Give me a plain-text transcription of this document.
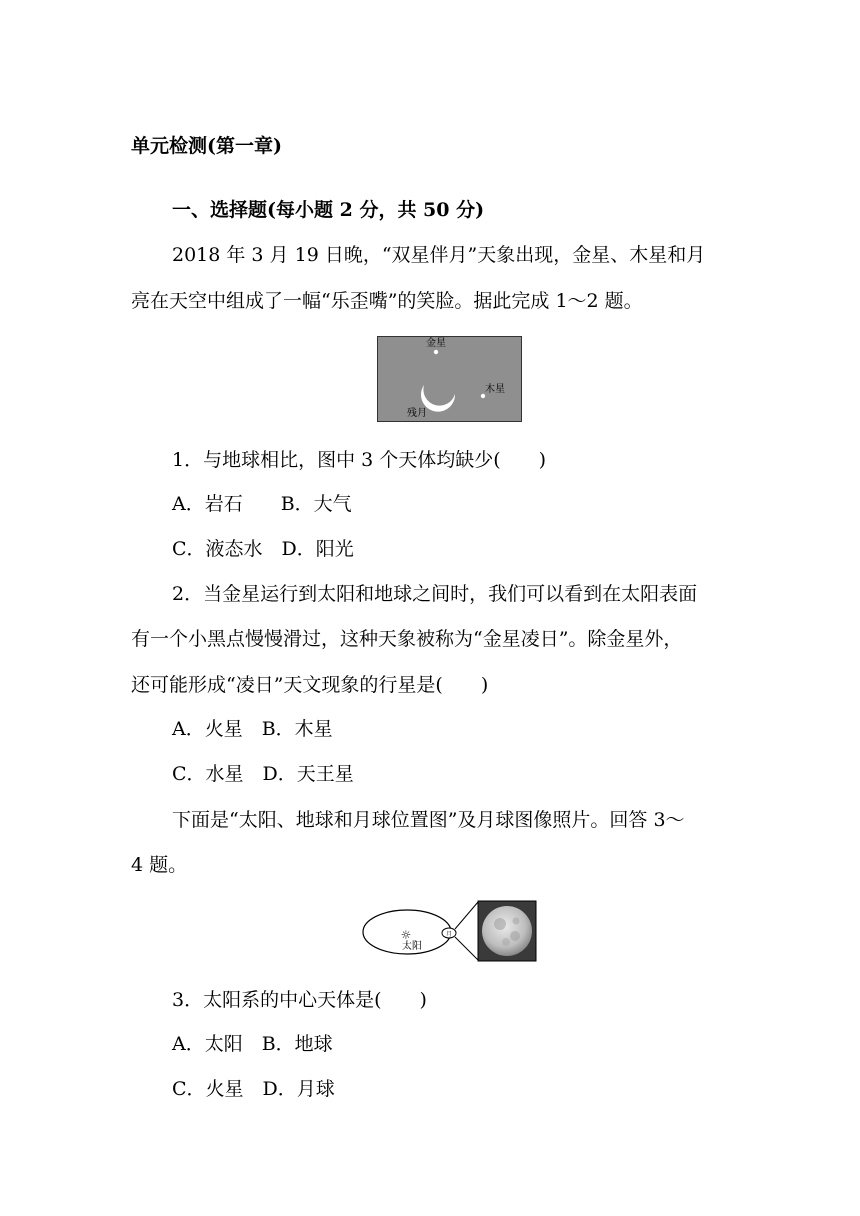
单元检测(第一章)
一、选择题(每小题 2 分，共 50 分)
2018 年 3 月 19 日晚，“双星伴月”天象出现，金星、木星和月
亮在天空中组成了一幅“乐歪嘴”的笑脸。据此完成 1～2 题。
金星
木星
残月
1．与地球相比，图中 3 个天体均缺少(　　)
A．岩石　　B．大气
C．液态水　D．阳光
2．当金星运行到太阳和地球之间时，我们可以看到在太阳表面
有一个小黑点慢慢滑过，这种天象被称为“金星凌日”。除金星外，
还可能形成“凌日”天文现象的行星是(　　)
A．火星　B．木星
C．水星　D．天王星
下面是“太阳、地球和月球位置图”及月球图像照片。回答 3～
4 题。
☼
太阳
月
3．太阳系的中心天体是(　　)
A．太阳　B．地球
C．火星　D．月球
